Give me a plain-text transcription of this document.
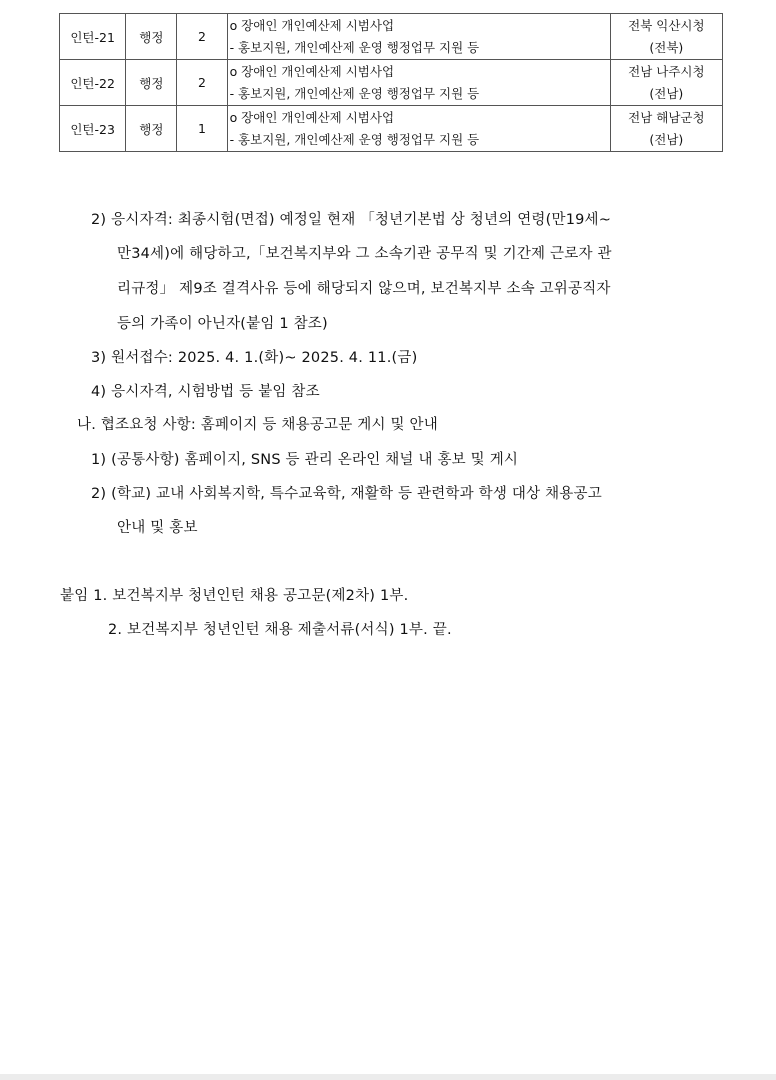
인턴-21	행정	2	o 장애인 개인예산제 시범사업
- 홍보지원, 개인예산제 운영 행정업무 지원 등	전북 익산시청
(전북)

인턴-22	행정	2	o 장애인 개인예산제 시범사업
- 홍보지원, 개인예산제 운영 행정업무 지원 등	전남 나주시청
(전남)

인턴-23	행정	1	o 장애인 개인예산제 시범사업
- 홍보지원, 개인예산제 운영 행정업무 지원 등	전남 해남군청
(전남)
2) 응시자격: 최종시험(면접) 예정일 현재 「청년기본법 상 청년의 연령(만19세~
만34세)에 해당하고,「보건복지부와 그 소속기관 공무직 및 기간제 근로자 관
리규정」 제9조 결격사유 등에 해당되지 않으며, 보건복지부 소속 고위공직자
등의 가족이 아닌자(붙임 1 참조)
3) 원서접수: 2025. 4. 1.(화)~ 2025. 4. 11.(금)
4) 응시자격, 시험방법 등 붙임 참조
나. 협조요청 사항: 홈페이지 등 채용공고문 게시 및 안내
1) (공통사항) 홈페이지, SNS 등 관리 온라인 채널 내 홍보 및 게시
2) (학교) 교내 사회복지학, 특수교육학, 재활학 등 관련학과 학생 대상 채용공고
안내 및 홍보
붙임 1. 보건복지부 청년인턴 채용 공고문(제2차) 1부.
2. 보건복지부 청년인턴 채용 제출서류(서식) 1부. 끝.
